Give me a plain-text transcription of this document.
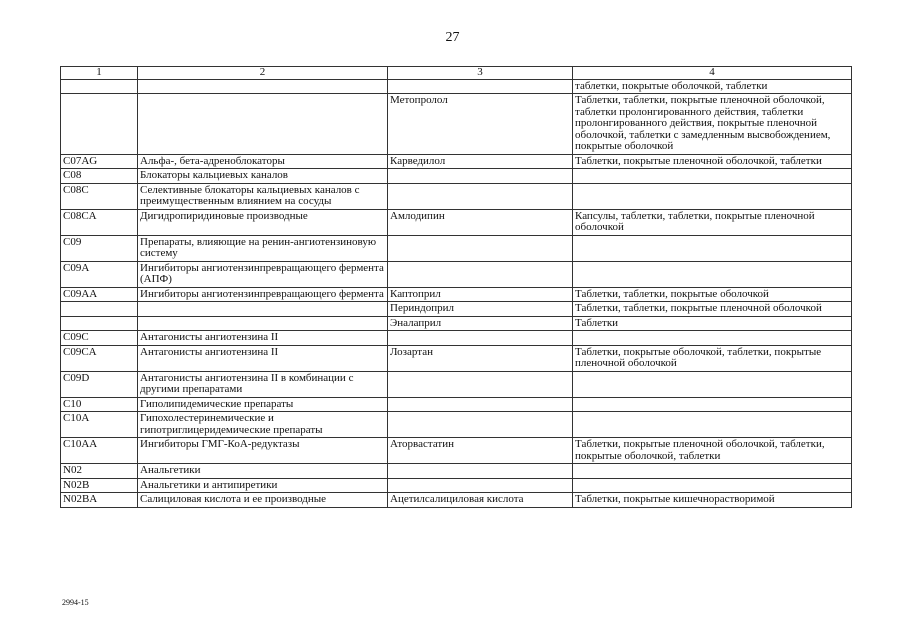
27
1	2	3	4
			таблетки, покрытые оболочкой, таблетки
		Метопролол	Таблетки, таблетки, покрытые пленочной оболочкой, таблетки пролонгированного действия, таблетки пролонгированного действия, покрытые пленочной оболочкой, таблетки с замедленным высвобождением, покрытые оболочкой
C07AG	Альфа-, бета-адреноблокаторы	Карведилол	Таблетки, покрытые пленочной оболочкой, таблетки
C08	Блокаторы кальциевых каналов		
C08C	Селективные блокаторы кальциевых каналов с преимущественным влиянием на сосуды		
C08CA	Дигидропиридиновые производные	Амлодипин	Капсулы, таблетки, таблетки, покрытые пленочной оболочкой
C09	Препараты, влияющие на ренин-ангиотензиновую систему		
C09A	Ингибиторы ангиотензинпревращающего фермента (АПФ)		
C09AA	Ингибиторы ангиотензинпревращающего фермента	Каптоприл	Таблетки, таблетки, покрытые оболочкой
		Периндоприл	Таблетки, таблетки, покрытые пленочной оболочкой
		Эналаприл	Таблетки
C09C	Антагонисты ангиотензина II		
C09CA	Антагонисты ангиотензина II	Лозартан	Таблетки, покрытые оболочкой, таблетки, покрытые пленочной оболочкой
C09D	Антагонисты ангиотензина II в комбинации с другими препаратами		
C10	Гиполипидемические препараты		
C10A	Гипохолестеринемические и гипотриглицеридемические препараты		
C10AA	Ингибиторы ГМГ-КоА-редуктазы	Аторвастатин	Таблетки, покрытые пленочной оболочкой, таблетки, покрытые оболочкой, таблетки
N02	Анальгетики		
N02B	Анальгетики и антипиретики		
N02BA	Салициловая кислота и ее производные	Ацетилсалициловая кислота	Таблетки, покрытые кишечнорастворимой
2994-15
